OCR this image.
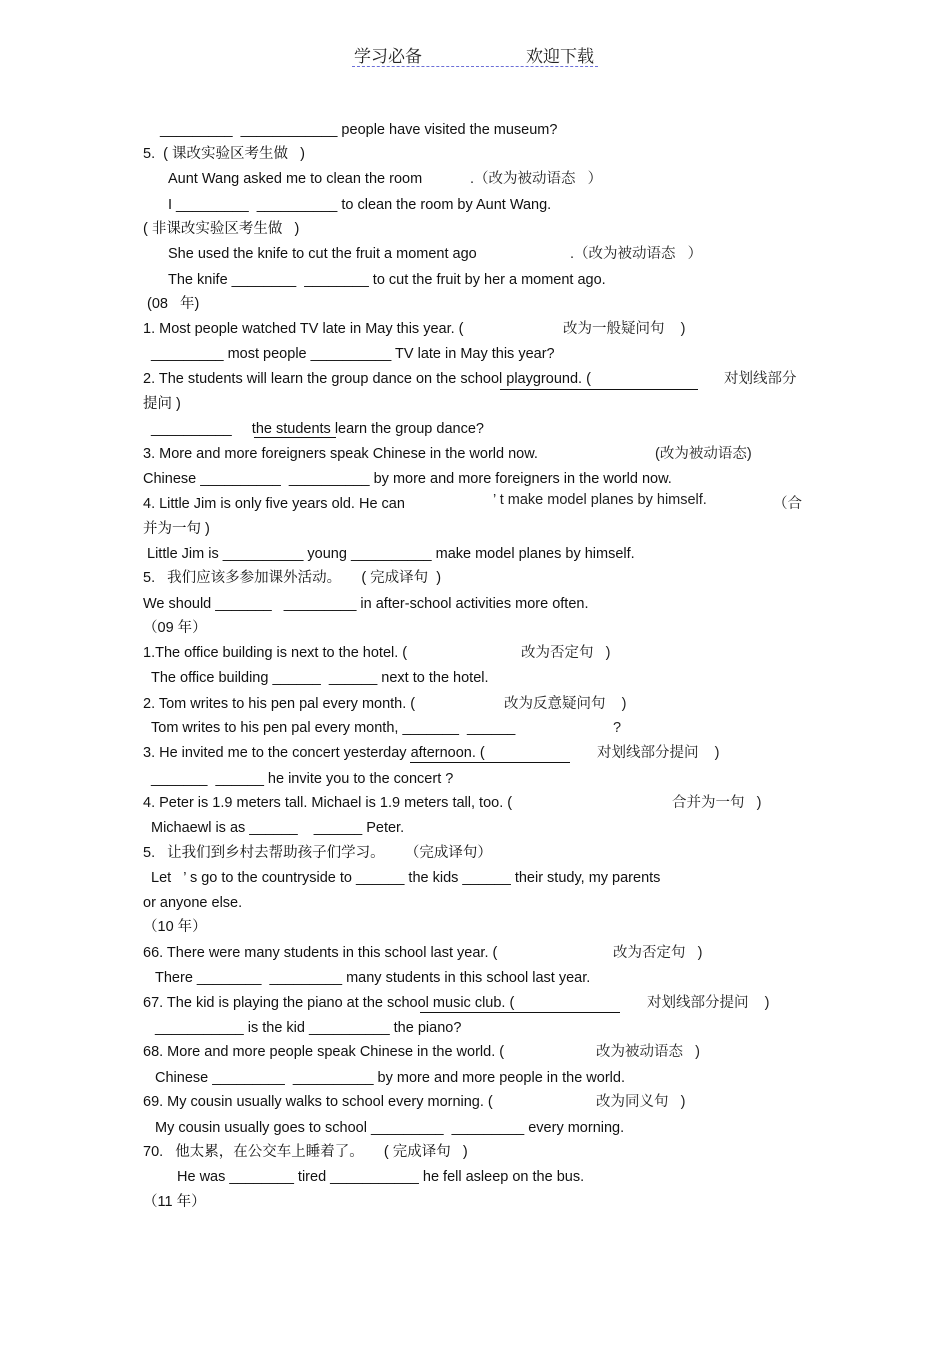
学习必备	欢迎下载
_________  ____________ people have visited the museum?
5.  ( 课改实验区考生做   )
Aunt Wang asked me to clean the room	.（改为被动语态   ）
I _________  __________ to clean the room by Aunt Wang.
( 非课改实验区考生做   )
She used the knife to cut the fruit a moment ago	.（改为被动语态   ）
The knife ________  ________ to cut the fruit by her a moment ago.
(08   年)
1. Most people watched TV late in May this year. (	改为一般疑问句    )
_________ most people __________ TV late in May this year?
2. The students will learn the group dance on the school playground. (	对划线部分
提问 )
__________     the students learn the group dance?
3. More and more foreigners speak Chinese in the world now.	(改为被动语态)
Chinese __________  __________ by more and more foreigners in the world now.
4. Little Jim is only five years old. He can	’ t make model planes by himself.	（合
并为一句 )
Little Jim is __________ young __________ make model planes by himself.
5.   我们应该多参加课外活动。     ( 完成译句  )
We should _______   _________ in after-school activities more often.
（09 年）
1.The office building is next to the hotel. (	改为否定句   )
The office building ______  ______ next to the hotel.
2. Tom writes to his pen pal every month. (	改为反意疑问句    )
Tom writes to his pen pal every month, _______  ______	?
3. He invited me to the concert yesterday afternoon. (	对划线部分提问    )
_______  ______ he invite you to the concert ?
4. Peter is 1.9 meters tall. Michael is 1.9 meters tall, too. (	合并为一句   )
Michaewl is as ______    ______ Peter.
5.   让我们到乡村去帮助孩子们学习。     （完成译句）
Let   ’ s go to the countryside to ______ the kids ______ their study, my parents
or anyone else.
（10 年）
66. There were many students in this school last year. (	改为否定句   )
There ________  _________ many students in this school last year.
67. The kid is playing the piano at the school music club. (	对划线部分提问    )
___________ is the kid __________ the piano?
68. More and more people speak Chinese in the world. (	改为被动语态   )
Chinese _________  __________ by more and more people in the world.
69. My cousin usually walks to school every morning. (	改为同义句   )
My cousin usually goes to school _________  _________ every morning.
70.   他太累，在公交车上睡着了。     ( 完成译句   )
He was ________ tired ___________ he fell asleep on the bus.
（11 年）
